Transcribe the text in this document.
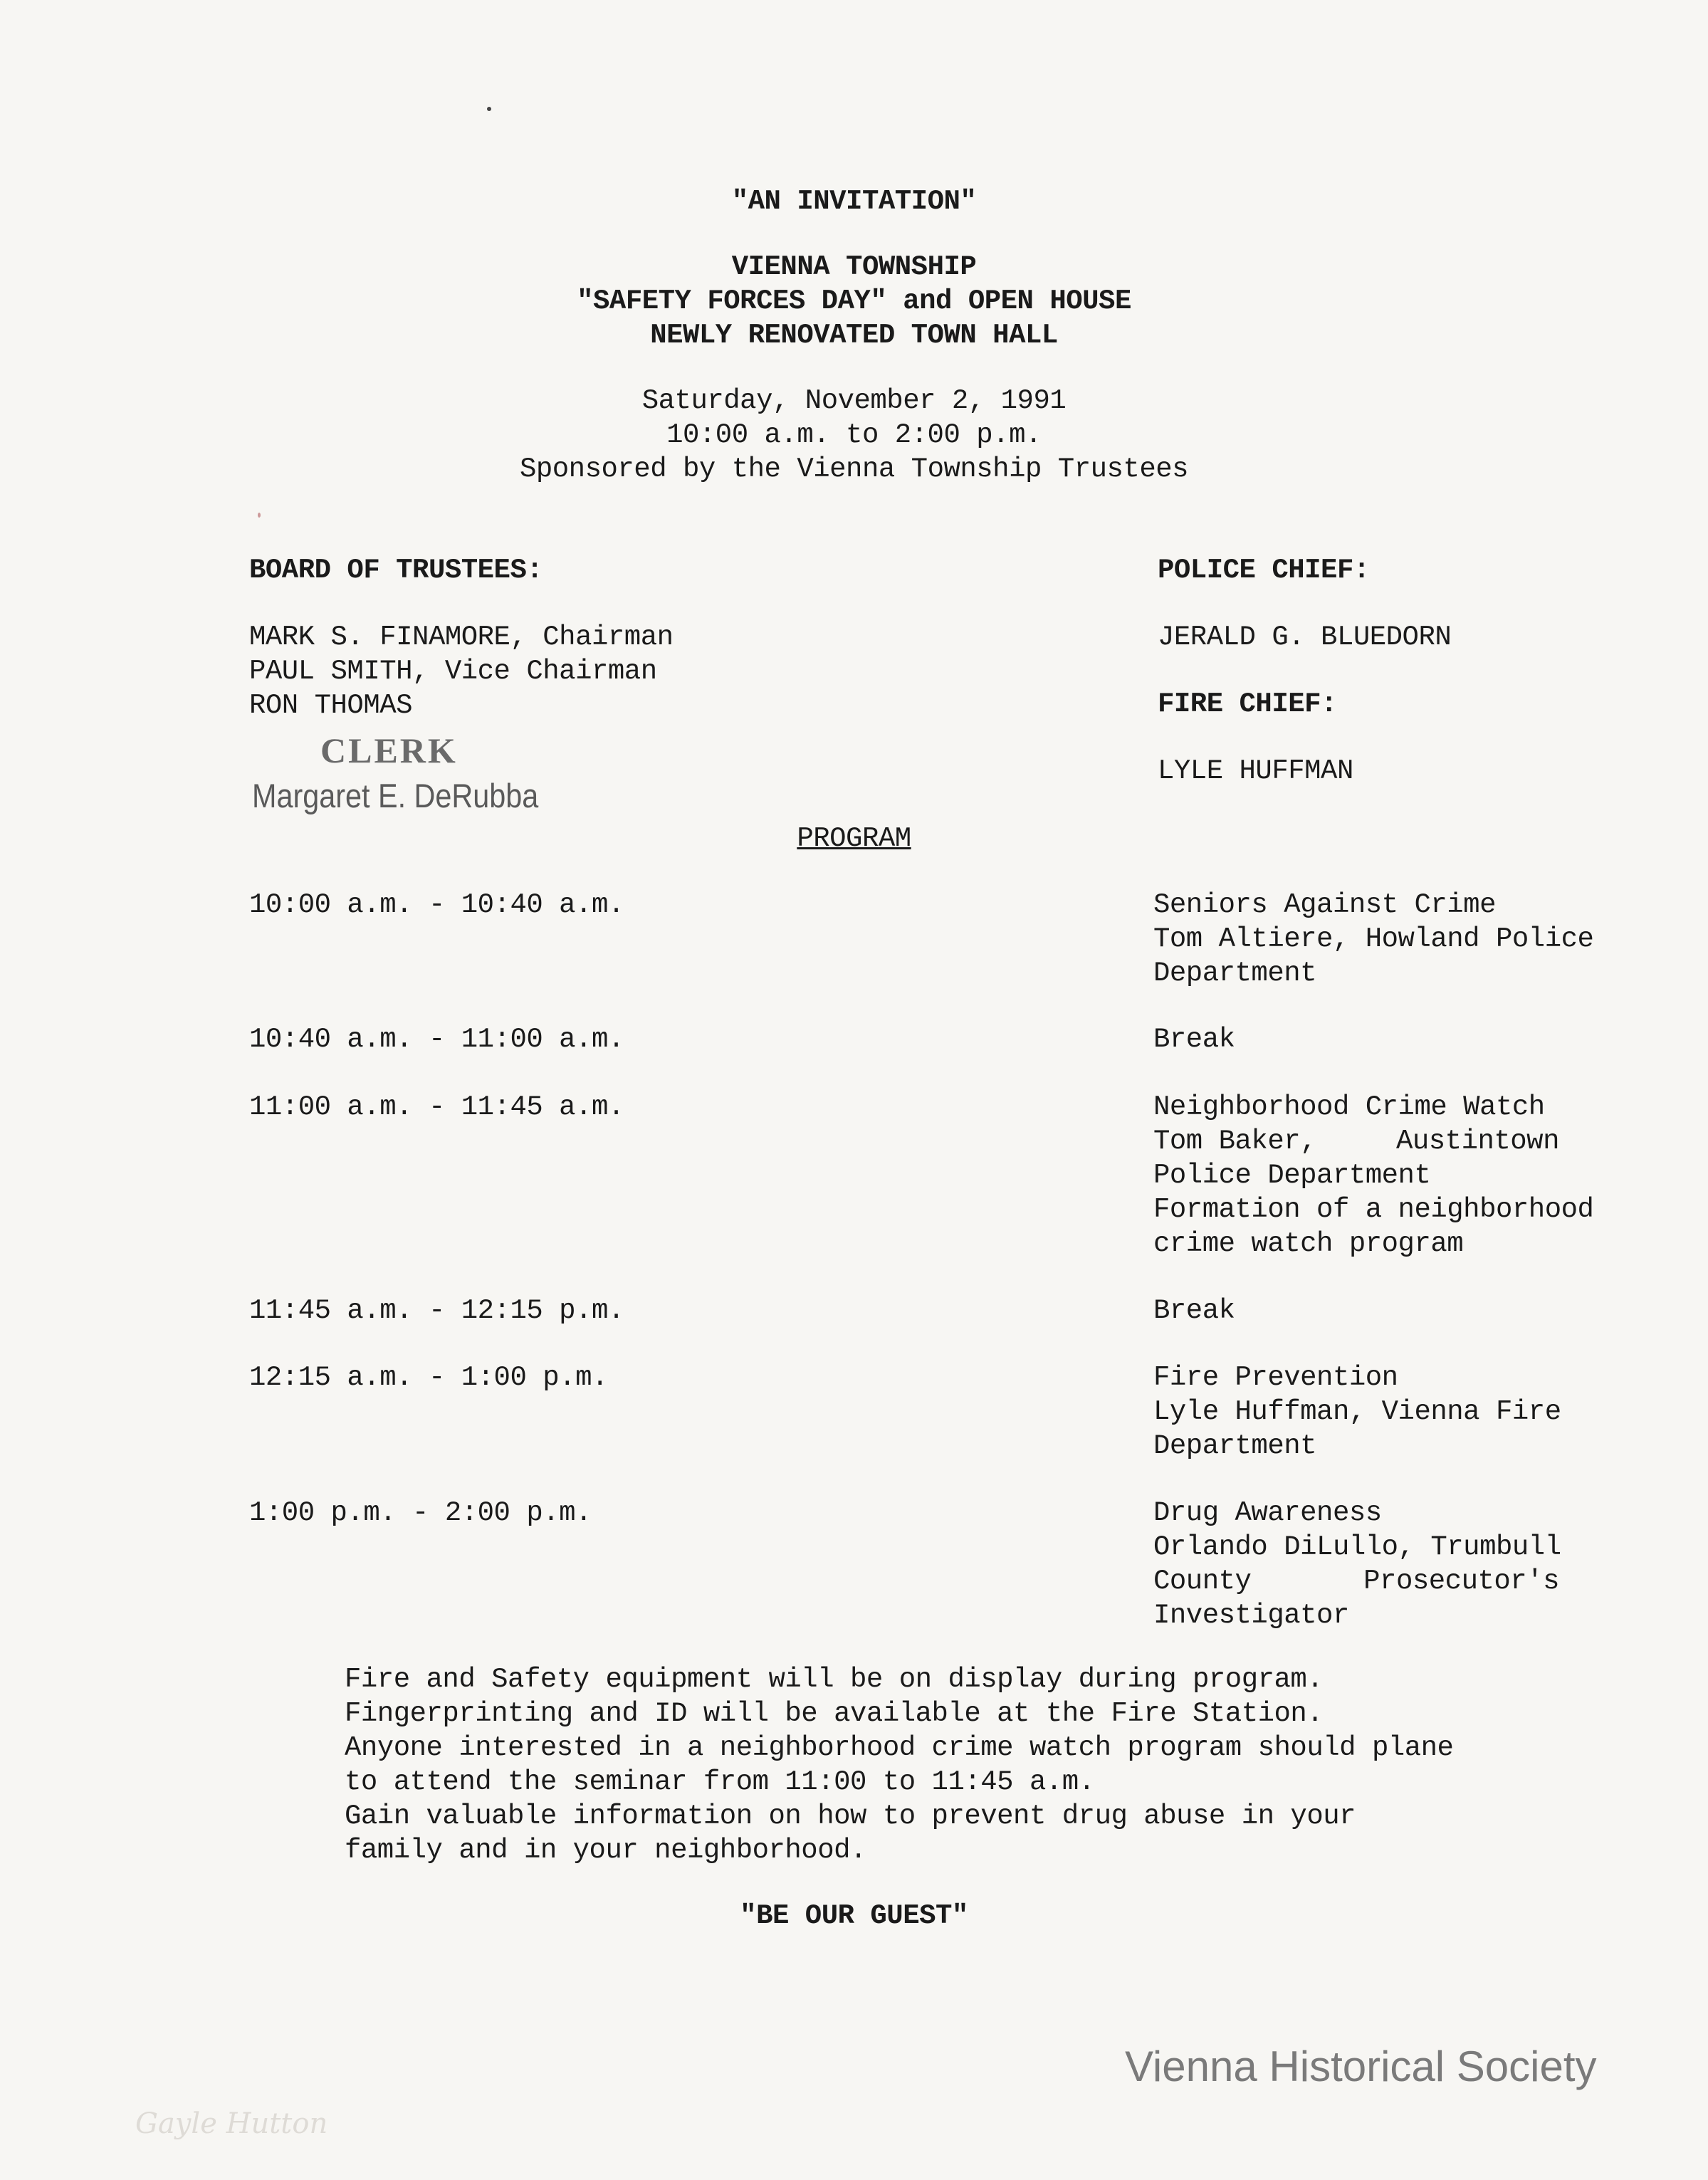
"AN INVITATION"
VIENNA TOWNSHIP
"SAFETY FORCES DAY" and OPEN HOUSE
NEWLY RENOVATED TOWN HALL
Saturday, November 2, 1991
10:00 a.m. to 2:00 p.m.
Sponsored by the Vienna Township Trustees
BOARD OF TRUSTEES:
MARK S. FINAMORE, Chairman
PAUL SMITH, Vice Chairman
RON THOMAS
CLERK
Margaret E. DeRubba
POLICE CHIEF:
JERALD G. BLUEDORN
FIRE CHIEF:
LYLE HUFFMAN
PROGRAM
10:00 a.m. - 10:40 a.m.	Seniors Against Crime
Tom Altiere, Howland Police
Department
10:40 a.m. - 11:00 a.m.	Break
11:00 a.m. - 11:45 a.m.	Neighborhood Crime Watch
Tom Baker,	Austintown
Police Department
Formation of a neighborhood
crime watch program
11:45 a.m. - 12:15 p.m.	Break
12:15 a.m. - 1:00 p.m.	Fire Prevention
Lyle Huffman, Vienna Fire
Department
1:00 p.m. - 2:00 p.m.	Drug Awareness
Orlando DiLullo, Trumbull
County	Prosecutor's
Investigator
Fire and Safety equipment will be on display during program.
Fingerprinting and ID will be available at the Fire Station.
Anyone interested in a neighborhood crime watch program should plane
to attend the seminar from 11:00 to 11:45 a.m.
Gain valuable information on how to prevent drug abuse in your
family and in your neighborhood.
"BE OUR GUEST"
Vienna Historical Society
Gayle Hutton
